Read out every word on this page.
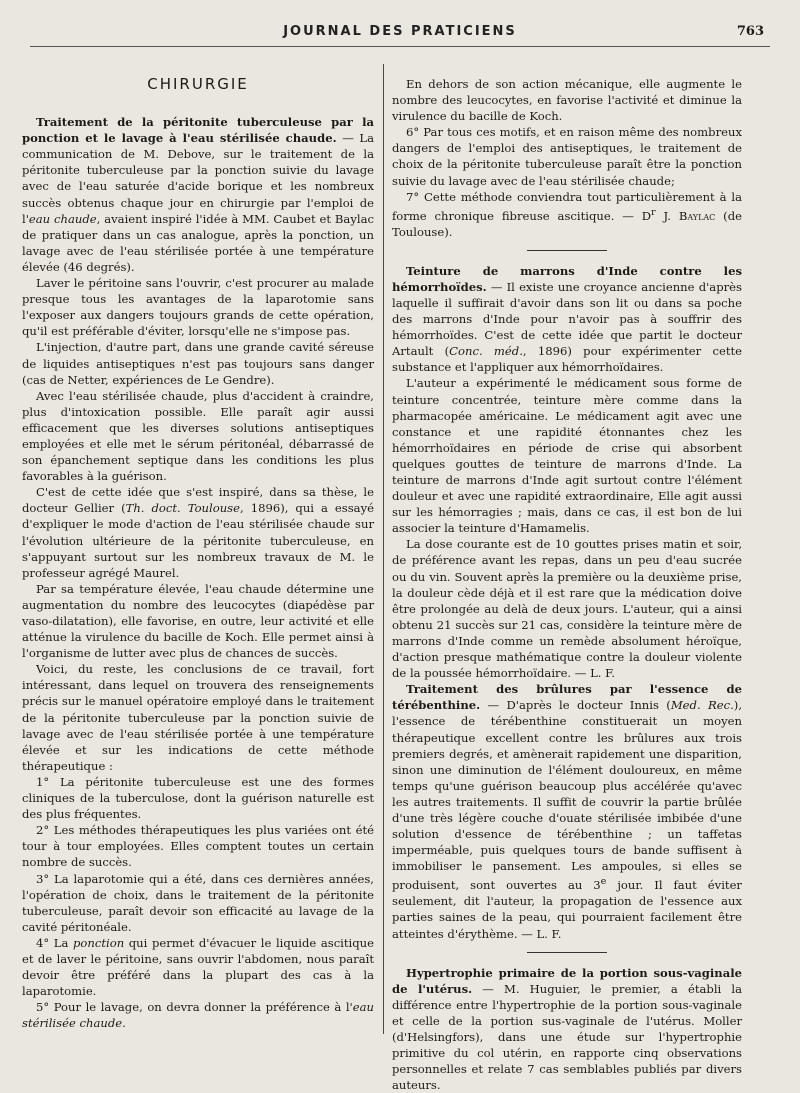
JOURNAL DES PRATICIENS	763
CHIRURGIE

Traitement de la péritonite tuberculeuse par la ponction et le lavage à l'eau stérilisée chaude. — La communication de M. Debove, sur le traitement de la péritonite tuberculeuse par la ponction suivie du lavage avec de l'eau saturée d'acide borique et les nombreux succès obtenus chaque jour en chirurgie par l'emploi de l'eau chaude, avaient inspiré l'idée à MM. Caubet et Baylac de pratiquer dans un cas analogue, après la ponction, un lavage avec de l'eau stérilisée portée à une température élevée (46 degrés).

Laver le péritoine sans l'ouvrir, c'est procurer au malade presque tous les avantages de la laparotomie sans l'exposer aux dangers toujours grands de cette opération, qu'il est préférable d'éviter, lorsqu'elle ne s'impose pas.

L'injection, d'autre part, dans une grande cavité séreuse de liquides antiseptiques n'est pas toujours sans danger (cas de Netter, expériences de Le Gendre).

Avec l'eau stérilisée chaude, plus d'accident à craindre, plus d'intoxication possible. Elle paraît agir aussi efficacement que les diverses solutions antiseptiques employées et elle met le sérum péritonéal, débarrassé de son épanchement septique dans les conditions les plus favorables à la guérison.

C'est de cette idée que s'est inspiré, dans sa thèse, le docteur Gellier (Th. doct. Toulouse, 1896), qui a essayé d'expliquer le mode d'action de l'eau stérilisée chaude sur l'évolution ultérieure de la péritonite tuberculeuse, en s'appuyant surtout sur les nombreux travaux de M. le professeur agrégé Maurel.

Par sa température élevée, l'eau chaude détermine une augmentation du nombre des leucocytes (diapédèse par vaso-dilatation), elle favorise, en outre, leur activité et elle atténue la virulence du bacille de Koch. Elle permet ainsi à l'organisme de lutter avec plus de chances de succès.

Voici, du reste, les conclusions de ce travail, fort intéressant, dans lequel on trouvera des renseignements précis sur le manuel opératoire employé dans le traitement de la péritonite tuberculeuse par la ponction suivie de lavage avec de l'eau stérilisée portée à une température élevée et sur les indications de cette méthode thérapeutique :

1° La péritonite tuberculeuse est une des formes cliniques de la tuberculose, dont la guérison naturelle est des plus fréquentes.

2° Les méthodes thérapeutiques les plus variées ont été tour à tour employées. Elles comptent toutes un certain nombre de succès.

3° La laparotomie qui a été, dans ces dernières années, l'opération de choix, dans le traitement de la péritonite tuberculeuse, paraît devoir son efficacité au lavage de la cavité péritonéale.

4° La ponction qui permet d'évacuer le liquide ascitique et de laver le péritoine, sans ouvrir l'abdomen, nous paraît devoir être préféré dans la plupart des cas à la laparotomie.

5° Pour le lavage, on devra donner la préférence à l'eau stérilisée chaude.

En dehors de son action mécanique, elle augmente le nombre des leucocytes, en favorise l'activité et diminue la virulence du bacille de Koch.

6° Par tous ces motifs, et en raison même des nombreux dangers de l'emploi des antiseptiques, le traitement de choix de la péritonite tuberculeuse paraît être la ponction suivie du lavage avec de l'eau stérilisée chaude;

7° Cette méthode conviendra tout particulièrement à la forme chronique fibreuse ascitique. — $D^r$ J. Baylac (de Toulouse).

Teinture de marrons d'Inde contre les hémorrhoïdes. — Il existe une croyance ancienne d'après laquelle il suffirait d'avoir dans son lit ou dans sa poche des marrons d'Inde pour n'avoir pas à souffrir des hémorrhoïdes. C'est de cette idée que partit le docteur Artault (Conc. méd., 1896) pour expérimenter cette substance et l'appliquer aux hémorrhoïdaires.

L'auteur a expérimenté le médicament sous forme de teinture concentrée, teinture mère comme dans la pharmacopée américaine. Le médicament agit avec une constance et une rapidité étonnantes chez les hémorrhoïdaires en période de crise qui absorbent quelques gouttes de teinture de marrons d'Inde. La teinture de marrons d'Inde agit surtout contre l'élément douleur et avec une rapidité extraordinaire, Elle agit aussi sur les hémorragies ; mais, dans ce cas, il est bon de lui associer la teinture d'Hamamelis.

La dose courante est de 10 gouttes prises matin et soir, de préférence avant les repas, dans un peu d'eau sucrée ou du vin. Souvent après la première ou la deuxième prise, la douleur cède déjà et il est rare que la médication doive être prolongée au delà de deux jours. L'auteur, qui a ainsi obtenu 21 succès sur 21 cas, considère la teinture mère de marrons d'Inde comme un remède absolument héroïque, d'action presque mathématique contre la douleur violente de la poussée hémorrhoïdaire. — L. F.

Traitement des brûlures par l'essence de térébenthine. — D'après le docteur Innis (Med. Rec.), l'essence de térébenthine constituerait un moyen thérapeutique excellent contre les brûlures aux trois premiers degrés, et amènerait rapidement une disparition, sinon une diminution de l'élément douloureux, en même temps qu'une guérison beaucoup plus accélérée qu'avec les autres traitements. Il suffit de couvrir la partie brûlée d'une très légère couche d'ouate stérilisée imbibée d'une solution d'essence de térébenthine ; un taffetas imperméable, puis quelques tours de bande suffisent à immobiliser le pansement. Les ampoules, si elles se produisent, sont ouvertes au 3e jour. Il faut éviter seulement, dit l'auteur, la propagation de l'essence aux parties saines de la peau, qui pourraient facilement être atteintes d'érythème. — L. F.

Hypertrophie primaire de la portion sous-vaginale de l'utérus. — M. Huguier, le premier, a établi la différence entre l'hypertrophie de la portion sous-vaginale et celle de la portion sus-vaginale de l'utérus. Moller (d'Helsingfors), dans une étude sur l'hypertrophie primitive du col utérin, en rapporte cinq observations personnelles et relate 7 cas semblables publiés par divers auteurs.
